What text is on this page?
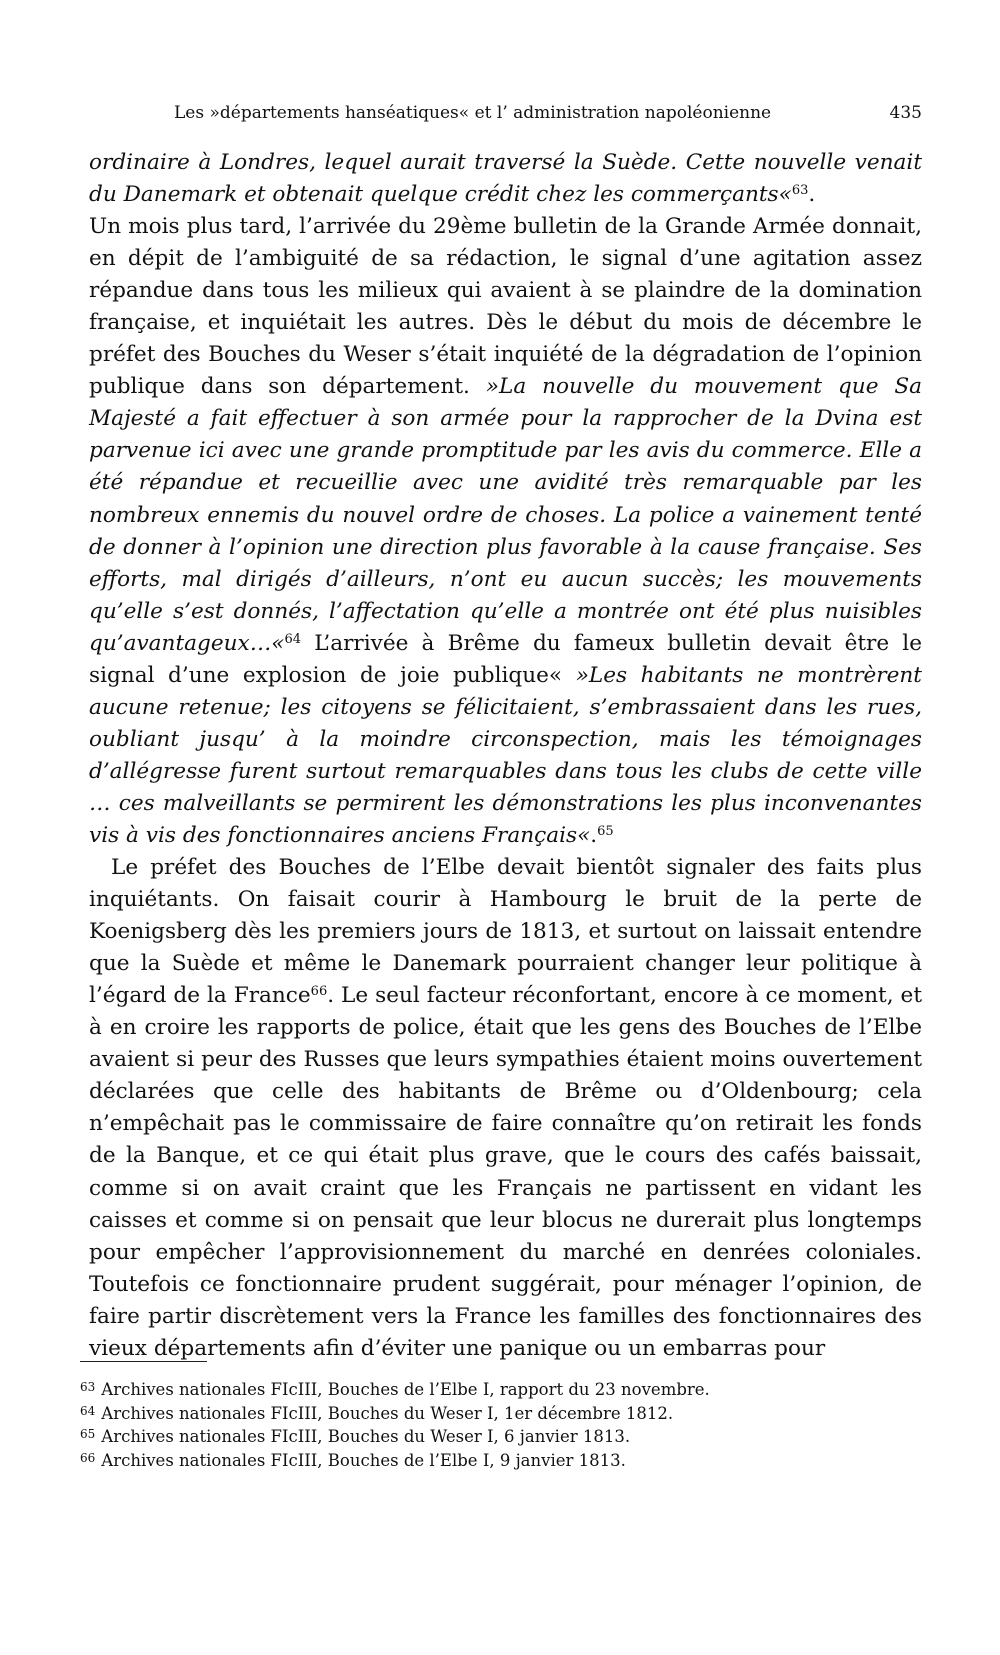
Les »départements hanséatiques« et l’ administration napoléonienne	435

ordinaire à Londres, lequel aurait traversé la Suède. Cette nouvelle venait du Danemark et obtenait quelque crédit chez les commerçants«$^{63}$.
Un mois plus tard, l’arrivée du 29ème bulletin de la Grande Armée donnait, en dépit de l’ambiguité de sa rédaction, le signal d’une agitation assez répandue dans tous les milieux qui avaient à se plaindre de la domination française, et inquiétait les autres. Dès le début du mois de décembre le préfet des Bouches du Weser s’était inquiété de la dégradation de l’opinion publique dans son département. »La nouvelle du mouvement que Sa Majesté a fait effectuer à son armée pour la rapprocher de la Dvina est parvenue ici avec une grande promptitude par les avis du commerce. Elle a été répandue et recueillie avec une avidité très remarquable par les nombreux ennemis du nouvel ordre de choses. La police a vainement tenté de donner à l’opinion une direction plus favorable à la cause française. Ses efforts, mal dirigés d’ailleurs, n’ont eu aucun succès; les mouvements qu’elle s’est donnés, l’affectation qu’elle a montrée ont été plus nuisibles qu’avantageux…«$^{64}$ L’arrivée à Brême du fameux bulletin devait être le signal d’une explosion de joie publique« »Les habitants ne montrèrent aucune retenue; les citoyens se félicitaient, s’embrassaient dans les rues, oubliant jusqu’ à la moindre circonspection, mais les témoignages d’allégresse furent surtout remarquables dans tous les clubs de cette ville … ces malveillants se permirent les démonstrations les plus inconvenantes vis à vis des fonctionnaires anciens Français«.$^{65}$

Le préfet des Bouches de l’Elbe devait bientôt signaler des faits plus inquiétants. On faisait courir à Hambourg le bruit de la perte de Koenigsberg dès les premiers jours de 1813, et surtout on laissait entendre que la Suède et même le Danemark pourraient changer leur politique à l’égard de la France$^{66}$. Le seul facteur réconfortant, encore à ce moment, et à en croire les rapports de police, était que les gens des Bouches de l’Elbe avaient si peur des Russes que leurs sympathies étaient moins ouvertement déclarées que celle des habitants de Brême ou d’Oldenbourg; cela n’empêchait pas le commissaire de faire connaître qu’on retirait les fonds de la Banque, et ce qui était plus grave, que le cours des cafés baissait, comme si on avait craint que les Français ne partissent en vidant les caisses et comme si on pensait que leur blocus ne durerait plus longtemps pour empêcher l’approvisionnement du marché en denrées coloniales. Toutefois ce fonctionnaire prudent suggérait, pour ménager l’opinion, de faire partir discrètement vers la France les familles des fonctionnaires des vieux départements afin d’éviter une panique ou un embarras pour

$^{63}$ Archives nationales FIcIII, Bouches de l’Elbe I, rapport du 23 novembre.
$^{64}$ Archives nationales FIcIII, Bouches du Weser I, 1er décembre 1812.
$^{65}$ Archives nationales FIcIII, Bouches du Weser I, 6 janvier 1813.
$^{66}$ Archives nationales FIcIII, Bouches de l’Elbe I, 9 janvier 1813.
